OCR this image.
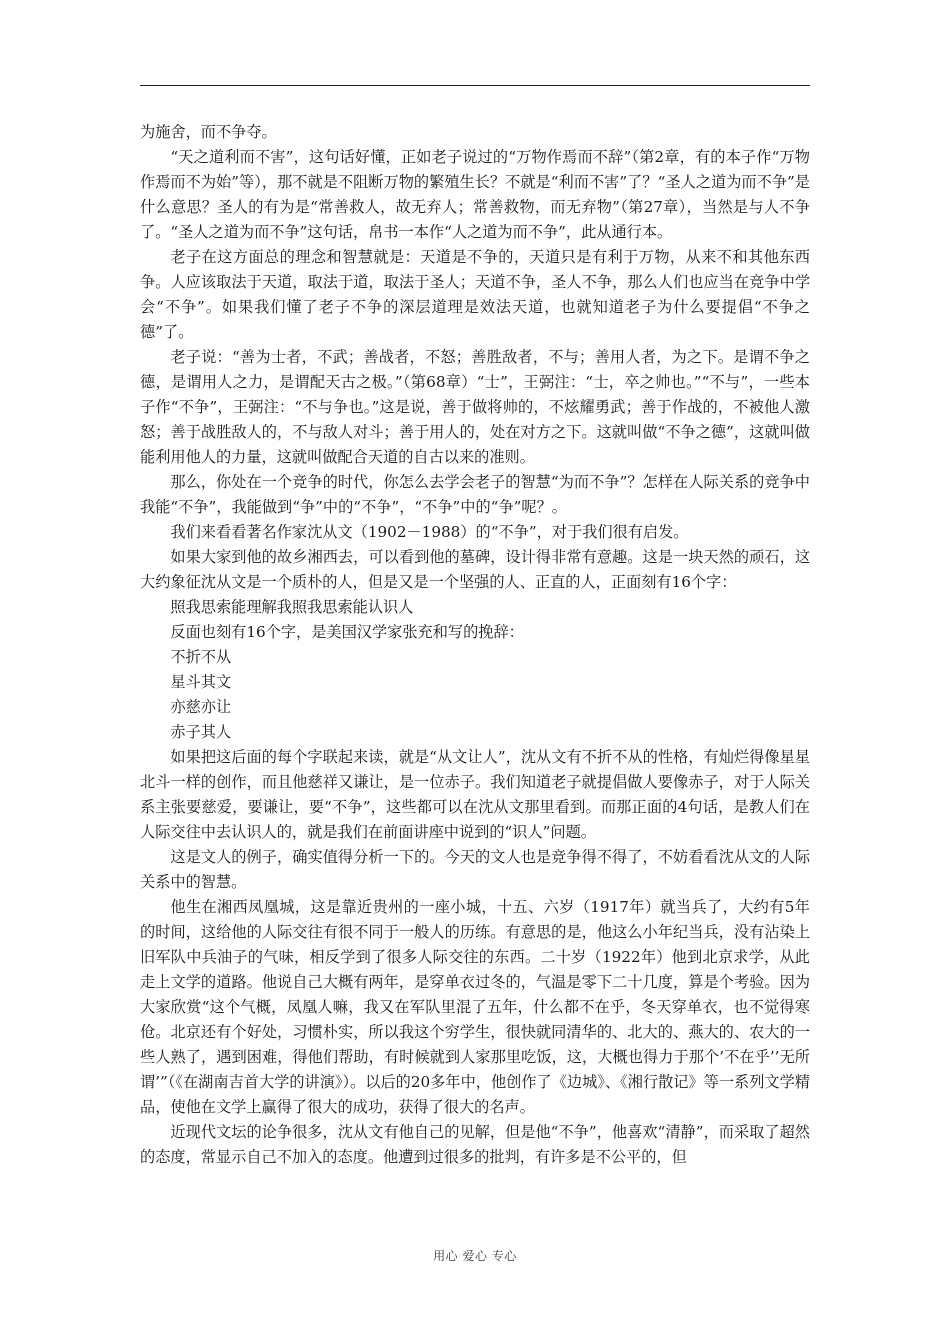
为施舍，而不争夺。

“天之道利而不害”，这句话好懂，正如老子说过的“万物作焉而不辞”（第2章，有的本子作“万物作焉而不为始”等），那不就是不阻断万物的繁殖生长？不就是“利而不害”了？“圣人之道为而不争”是什么意思？圣人的有为是“常善救人，故无弃人；常善救物，而无弃物”（第27章），当然是与人不争了。“圣人之道为而不争”这句话，帛书一本作“人之道为而不争”，此从通行本。

老子在这方面总的理念和智慧就是：天道是不争的，天道只是有利于万物，从来不和其他东西争。人应该取法于天道，取法于道，取法于圣人；天道不争，圣人不争，那么人们也应当在竞争中学会“不争”。如果我们懂了老子不争的深层道理是效法天道，也就知道老子为什么要提倡“不争之德”了。

老子说：“善为士者，不武；善战者，不怒；善胜敌者，不与；善用人者，为之下。是谓不争之德，是谓用人之力，是谓配天古之极。”（第68章）“士”，王弼注：“士，卒之帅也。”“不与”，一些本子作“不争”，王弼注：“不与争也。”这是说，善于做将帅的，不炫耀勇武；善于作战的，不被他人激怒；善于战胜敌人的，不与敌人对斗；善于用人的，处在对方之下。这就叫做“不争之德”，这就叫做能利用他人的力量，这就叫做配合天道的自古以来的准则。

那么，你处在一个竞争的时代，你怎么去学会老子的智慧“为而不争”？怎样在人际关系的竞争中我能“不争”，我能做到“争”中的“不争”，“不争”中的“争”呢？。

我们来看看著名作家沈从文（1902－1988）的“不争”，对于我们很有启发。

如果大家到他的故乡湘西去，可以看到他的墓碑，设计得非常有意趣。这是一块天然的顽石，这大约象征沈从文是一个质朴的人，但是又是一个坚强的人、正直的人，正面刻有16个字：

照我思索能理解我照我思索能认识人

反面也刻有16个字，是美国汉学家张充和写的挽辞：

不折不从

星斗其文

亦慈亦让

赤子其人

如果把这后面的每个字联起来读，就是“从文让人”，沈从文有不折不从的性格，有灿烂得像星星北斗一样的创作，而且他慈祥又谦让，是一位赤子。我们知道老子就提倡做人要像赤子，对于人际关系主张要慈爱，要谦让，要“不争”，这些都可以在沈从文那里看到。而那正面的4句话，是教人们在人际交往中去认识人的，就是我们在前面讲座中说到的“识人”问题。

这是文人的例子，确实值得分析一下的。今天的文人也是竞争得不得了，不妨看看沈从文的人际关系中的智慧。

他生在湘西凤凰城，这是靠近贵州的一座小城，十五、六岁（1917年）就当兵了，大约有5年的时间，这给他的人际交往有很不同于一般人的历练。有意思的是，他这么小年纪当兵，没有沾染上旧军队中兵油子的气味，相反学到了很多人际交往的东西。二十岁（1922年）他到北京求学，从此走上文学的道路。他说自己大概有两年，是穿单衣过冬的，气温是零下二十几度，算是个考验。因为大家欣赏“这个气概，凤凰人嘛，我又在军队里混了五年，什么都不在乎，冬天穿单衣，也不觉得寒伧。北京还有个好处，习惯朴实，所以我这个穷学生，很快就同清华的、北大的、燕大的、农大的一些人熟了，遇到困难，得他们帮助，有时候就到人家那里吃饭，这，大概也得力于那个’不在乎’’无所谓’”（《在湖南吉首大学的讲演》）。以后的20多年中，他创作了《边城》、《湘行散记》等一系列文学精品，使他在文学上赢得了很大的成功，获得了很大的名声。

近现代文坛的论争很多，沈从文有他自己的见解，但是他“不争”，他喜欢“清静”，而采取了超然的态度，常显示自己不加入的态度。他遭到过很多的批判，有许多是不公平的，但

用心 爱心 专心
